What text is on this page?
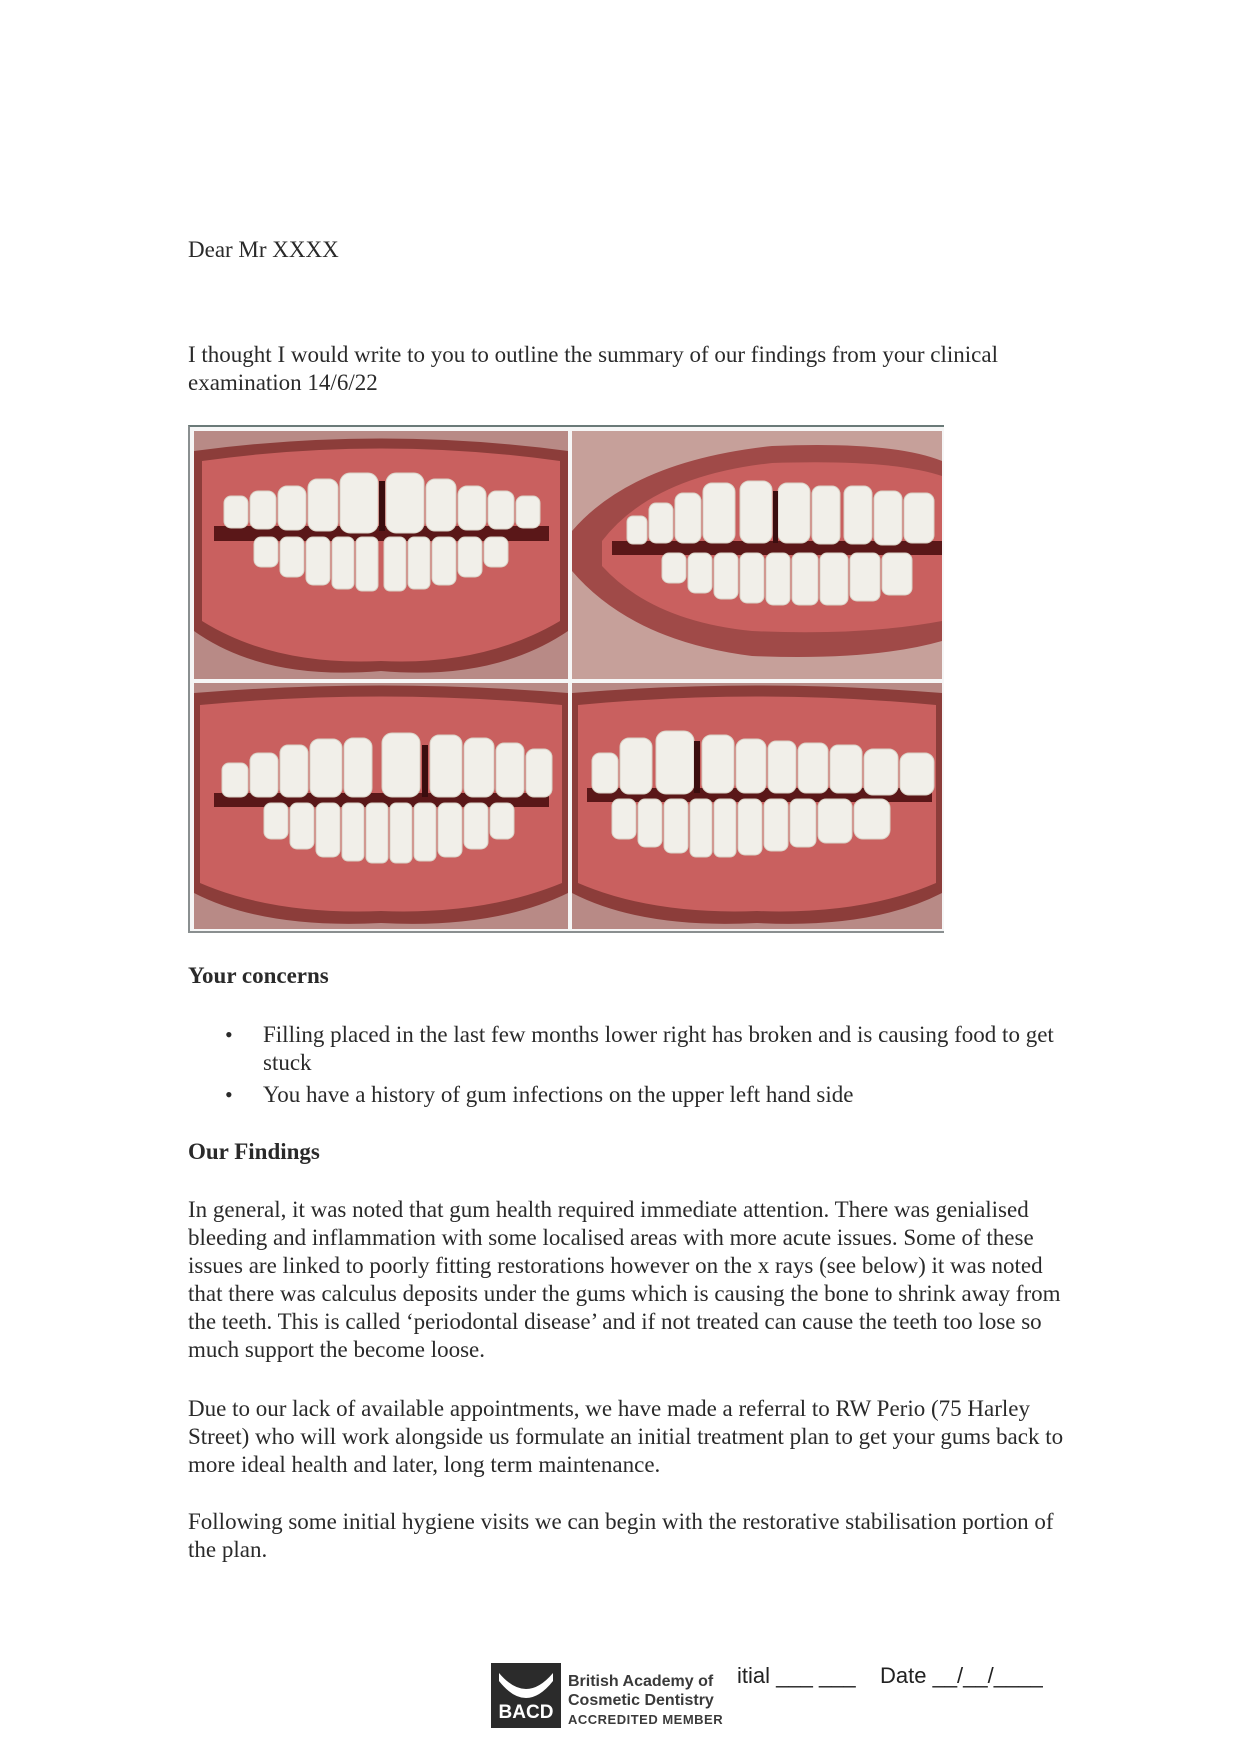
Dear Mr XXXX

I thought I would write to you to outline the summary of our findings from your clinical examination 14/6/22

Your concerns
• Filling placed in the last few months lower right has broken and is causing food to get stuck
• You have a history of gum infections on the upper left hand side
Our Findings

In general, it was noted that gum health required immediate attention. There was genialised bleeding and inflammation with some localised areas with more acute issues. Some of these issues are linked to poorly fitting restorations however on the x rays (see below) it was noted that there was calculus deposits under the gums which is causing the bone to shrink away from the teeth. This is called ‘periodontal disease’ and if not treated can cause the teeth too lose so much support the become loose.

Due to our lack of available appointments, we have made a referral to RW Perio (75 Harley Street) who will work alongside us formulate an initial treatment plan to get your gums back to more ideal health and later, long term maintenance.

Following some initial hygiene visits we can begin with the restorative stabilisation portion of the plan.

BACD
British Academy of
Cosmetic Dentistry
ACCREDITED MEMBER
itial ___ ___ Date __/__/____
